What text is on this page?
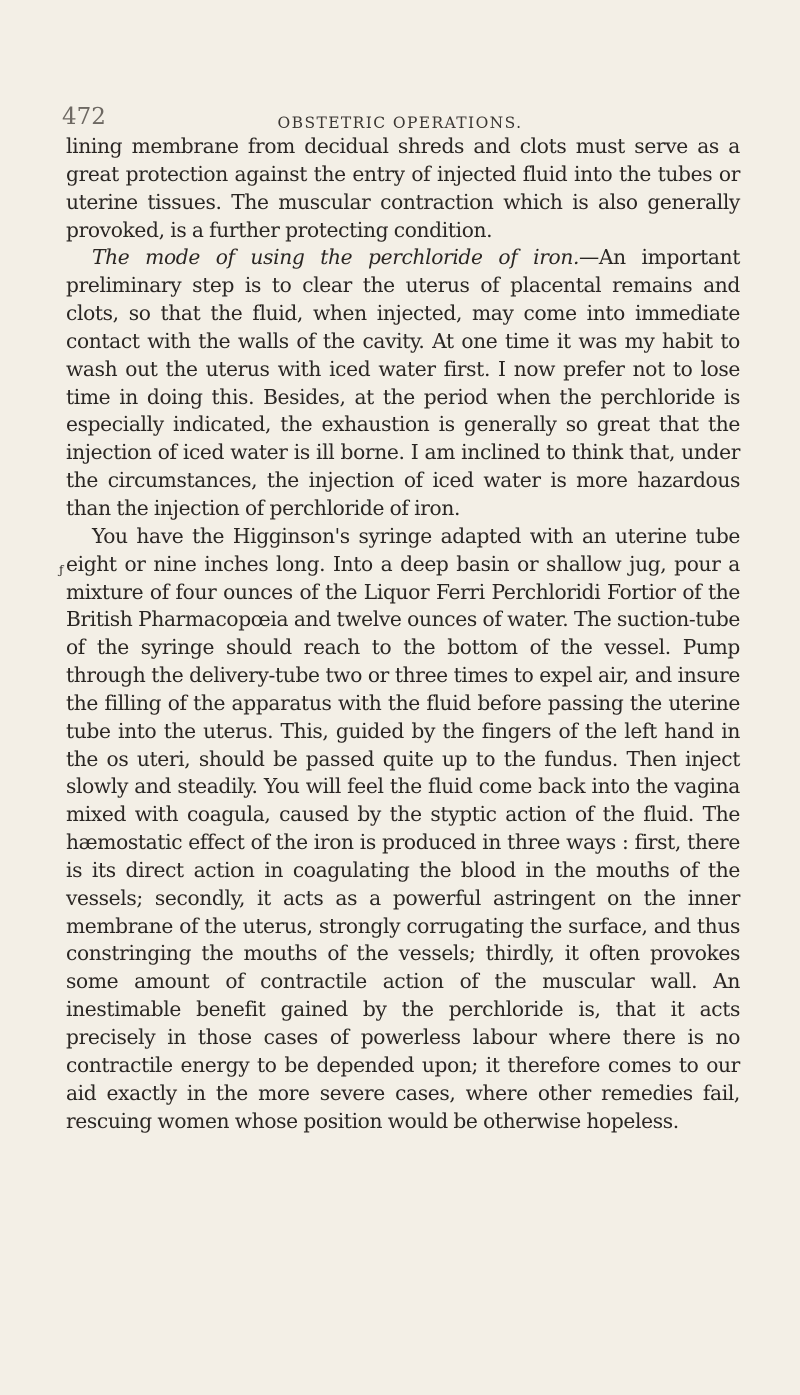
472	OBSTETRIC OPERATIONS.
ƒ

lining membrane from decidual shreds and clots must serve as a great protection against the entry of injected fluid into the tubes or uterine tissues. The muscular contraction which is also generally provoked, is a further protecting condition.

The mode of using the perchloride of iron.—An important preliminary step is to clear the uterus of placental remains and clots, so that the fluid, when injected, may come into immediate contact with the walls of the cavity. At one time it was my habit to wash out the uterus with iced water first. I now prefer not to lose time in doing this. Besides, at the period when the perchloride is especially indicated, the exhaustion is generally so great that the injection of iced water is ill borne. I am inclined to think that, under the circumstances, the injection of iced water is more hazardous than the injection of perchloride of iron.

You have the Higginson's syringe adapted with an uterine tube eight or nine inches long. Into a deep basin or shallow jug, pour a mixture of four ounces of the Liquor Ferri Perchloridi Fortior of the British Pharmacopœia and twelve ounces of water. The suction-tube of the syringe should reach to the bottom of the vessel. Pump through the delivery-tube two or three times to expel air, and insure the filling of the apparatus with the fluid before passing the uterine tube into the uterus. This, guided by the fingers of the left hand in the os uteri, should be passed quite up to the fundus. Then inject slowly and steadily. You will feel the fluid come back into the vagina mixed with coagula, caused by the styptic action of the fluid. The hæmostatic effect of the iron is produced in three ways : first, there is its direct action in coagulating the blood in the mouths of the vessels; secondly, it acts as a powerful astringent on the inner membrane of the uterus, strongly corrugating the surface, and thus constringing the mouths of the vessels; thirdly, it often provokes some amount of contractile action of the muscular wall. An inestimable benefit gained by the perchloride is, that it acts precisely in those cases of powerless labour where there is no contractile energy to be depended upon; it therefore comes to our aid exactly in the more severe cases, where other remedies fail, rescuing women whose position would be otherwise hopeless.
